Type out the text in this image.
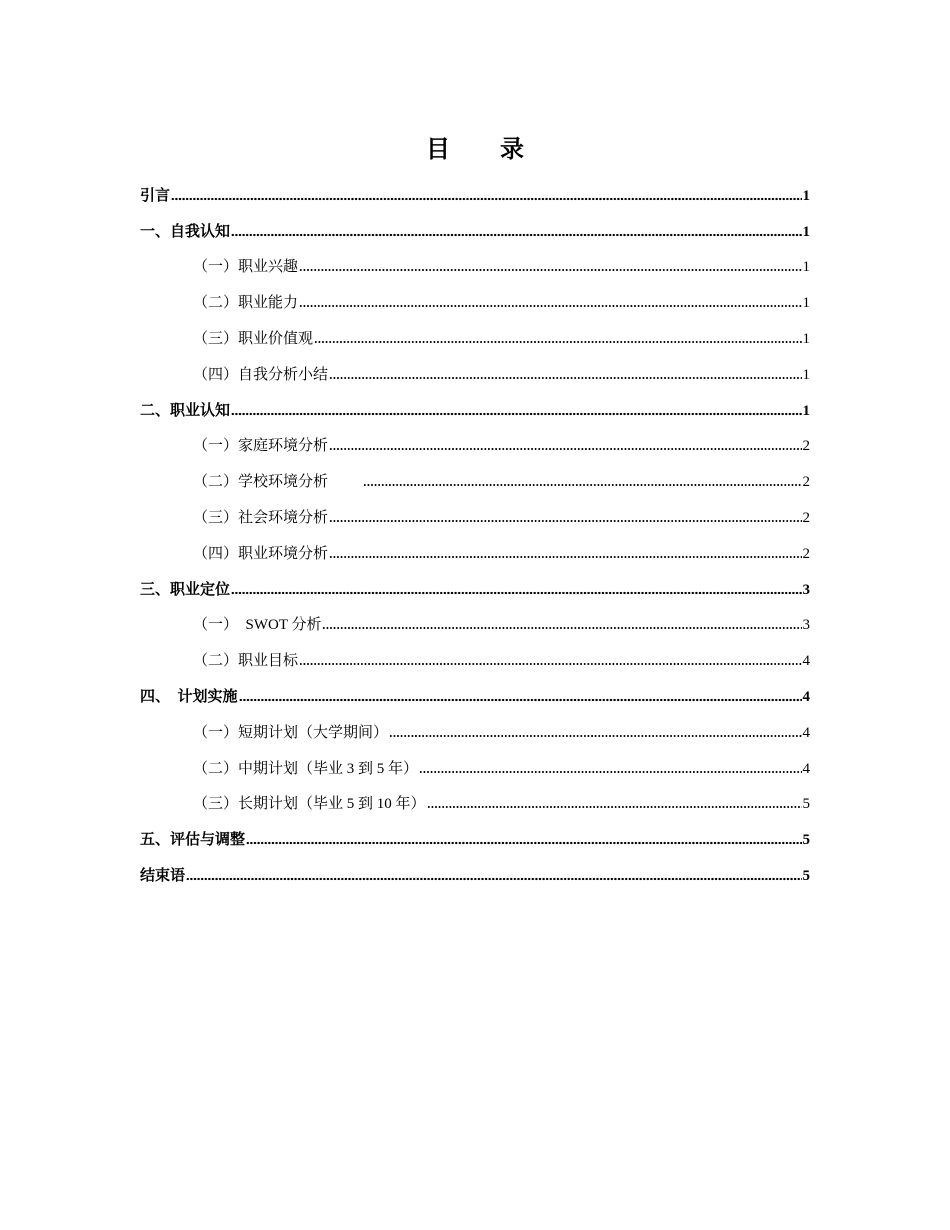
目 录
引言	1
一、自我认知	1
（一）职业兴趣	1
（二）职业能力	1
（三）职业价值观	1
（四）自我分析小结	1
二、职业认知	1
（一）家庭环境分析	2
（二）学校环境分析	2
（三）社会环境分析	2
（四）职业环境分析	2
三、职业定位	3
（一）　SWOT 分析	3
（二）职业目标	4
四、　计划实施	4
（一）短期计划（大学期间）	4
（二）中期计划（毕业 3 到 5 年）	4
（三）长期计划（毕业 5 到 10 年）	5
五、评估与调整	5
结束语	5
